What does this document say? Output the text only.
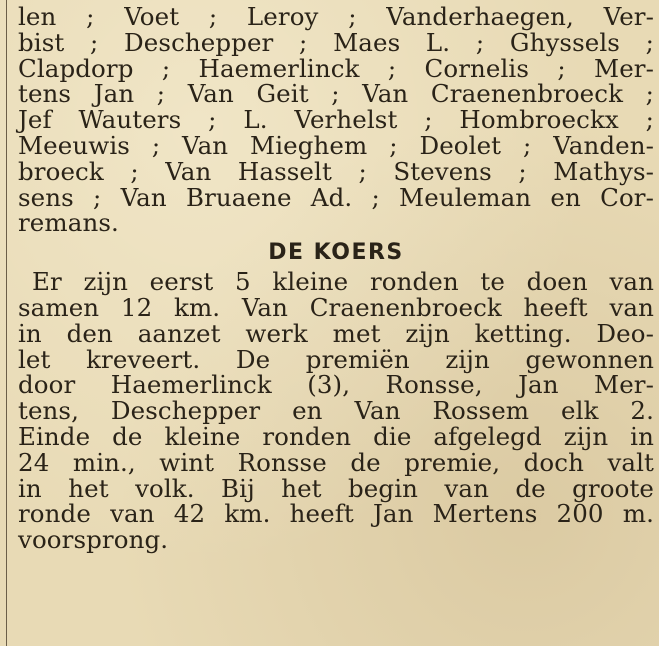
len ; Voet ; Leroy ; Vanderhaegen, Ver-
bist ; Deschepper ; Maes L. ; Ghyssels ;
Clapdorp ; Haemerlinck ; Cornelis ; Mer-
tens Jan ; Van Geit ; Van Craenenbroeck ;
Jef Wauters ; L. Verhelst ; Hombroeckx ;
Meeuwis ; Van Mieghem ; Deolet ; Vanden-
broeck ; Van Hasselt ; Stevens ; Mathys-
sens ; Van Bruaene Ad. ; Meuleman en Cor-
remans.
DE KOERS
Er zijn eerst 5 kleine ronden te doen van
samen 12 km. Van Craenenbroeck heeft van
in den aanzet werk met zijn ketting. Deo-
let kreveert. De premiën zijn gewonnen
door Haemerlinck (3), Ronsse, Jan Mer-
tens, Deschepper en Van Rossem elk 2.
Einde de kleine ronden die afgelegd zijn in
24 min., wint Ronsse de premie, doch valt
in het volk. Bij het begin van de groote
ronde van 42 km. heeft Jan Mertens 200 m.
voorsprong.
